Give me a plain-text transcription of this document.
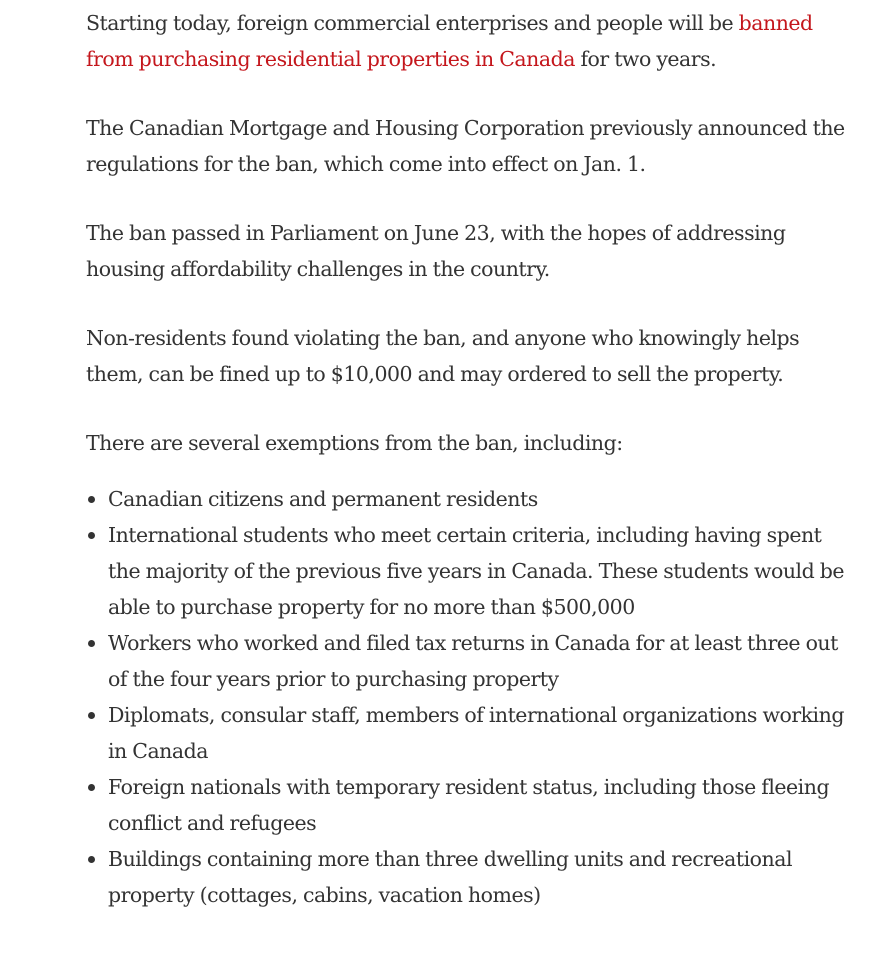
Starting today, foreign commercial enterprises and people will be banned from purchasing residential properties in Canada for two years.

The Canadian Mortgage and Housing Corporation previously announced the regulations for the ban, which come into effect on Jan. 1.

The ban passed in Parliament on June 23, with the hopes of addressing housing affordability challenges in the country.

Non-residents found violating the ban, and anyone who knowingly helps them, can be fined up to $10,000 and may ordered to sell the property.

There are several exemptions from the ban, including:

Canadian citizens and permanent residents
International students who meet certain criteria, including having spent the majority of the previous five years in Canada. These students would be able to purchase property for no more than $500,000
Workers who worked and filed tax returns in Canada for at least three out of the four years prior to purchasing property
Diplomats, consular staff, members of international organizations working in Canada
Foreign nationals with temporary resident status, including those fleeing conflict and refugees
Buildings containing more than three dwelling units and recreational property (cottages, cabins, vacation homes)
